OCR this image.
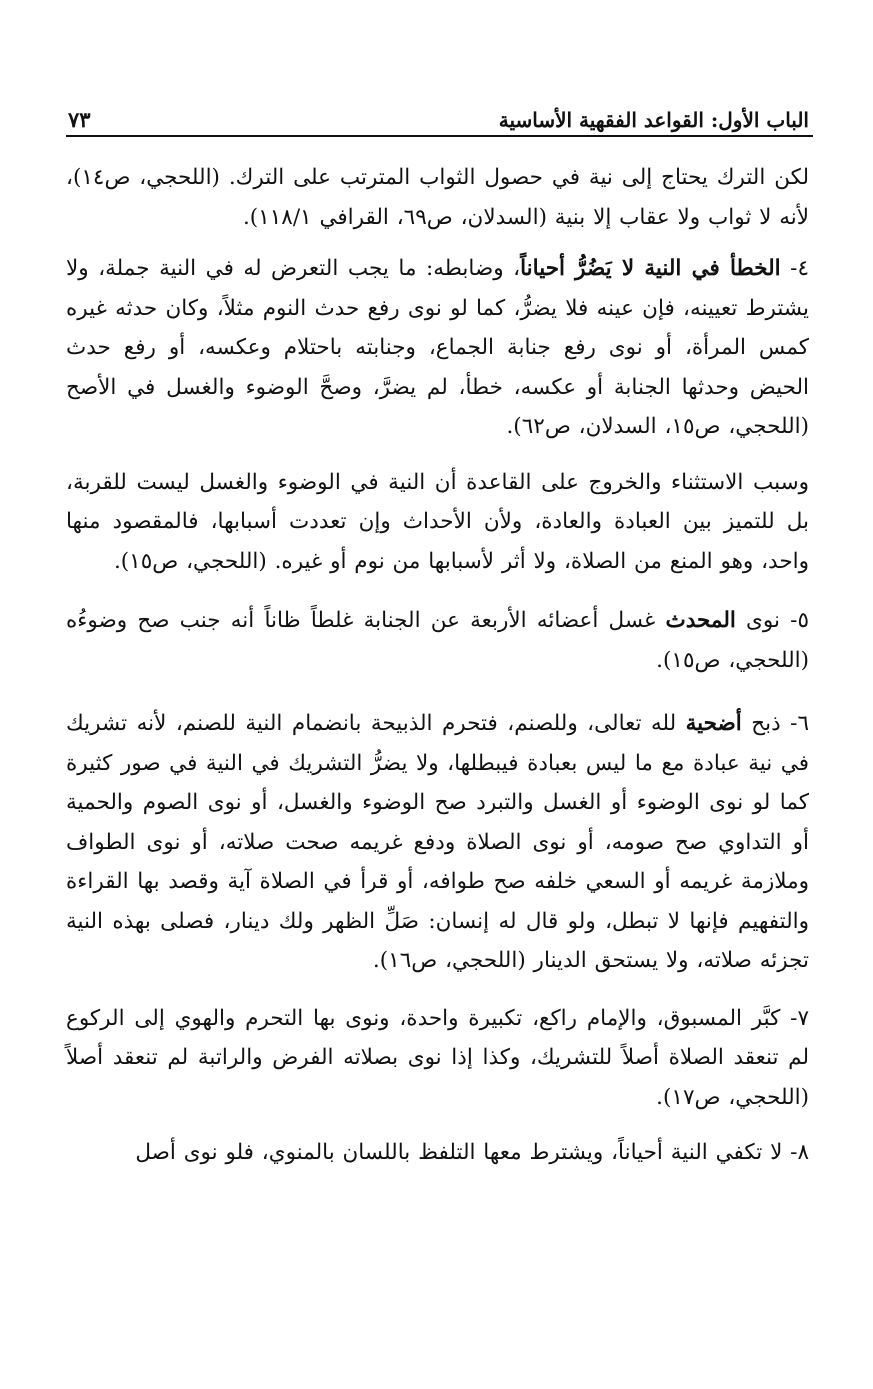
الباب الأول: القواعد الفقهية الأساسية
٧٣

لكن الترك يحتاج إلى نية في حصول الثواب المترتب على الترك. (اللحجي، ص١٤)، لأنه لا ثواب ولا عقاب إلا بنية (السدلان، ص٦٩، القرافي ١١٨/١).

٤- الخطأ في النية لا يَضُرُّ أحياناً، وضابطه: ما يجب التعرض له في النية جملة، ولا يشترط تعيينه، فإن عينه فلا يضرُّ، كما لو نوى رفع حدث النوم مثلاً، وكان حدثه غيره كمس المرأة، أو نوى رفع جنابة الجماع، وجنابته باحتلام وعكسه، أو رفع حدث الحيض وحدثها الجنابة أو عكسه، خطأ، لم يضرَّ، وصحَّ الوضوء والغسل في الأصح (اللحجي، ص١٥، السدلان، ص٦٢).

وسبب الاستثناء والخروج على القاعدة أن النية في الوضوء والغسل ليست للقربة، بل للتميز بين العبادة والعادة، ولأن الأحداث وإن تعددت أسبابها، فالمقصود منها واحد، وهو المنع من الصلاة، ولا أثر لأسبابها من نوم أو غيره. (اللحجي، ص١٥).

٥- نوى المحدث غسل أعضائه الأربعة عن الجنابة غلطاً ظاناً أنه جنب صح وضوءُه (اللحجي، ص١٥).

٦- ذبح أضحية لله تعالى، وللصنم، فتحرم الذبيحة بانضمام النية للصنم، لأنه تشريك في نية عبادة مع ما ليس بعبادة فيبطلها، ولا يضرُّ التشريك في النية في صور كثيرة كما لو نوى الوضوء أو الغسل والتبرد صح الوضوء والغسل، أو نوى الصوم والحمية أو التداوي صح صومه، أو نوى الصلاة ودفع غريمه صحت صلاته، أو نوى الطواف وملازمة غريمه أو السعي خلفه صح طوافه، أو قرأ في الصلاة آية وقصد بها القراءة والتفهيم فإنها لا تبطل، ولو قال له إنسان: صَلِّ الظهر ولك دينار، فصلى بهذه النية تجزئه صلاته، ولا يستحق الدينار (اللحجي، ص١٦).

٧- كبَّر المسبوق، والإمام راكع، تكبيرة واحدة، ونوى بها التحرم والهوي إلى الركوع لم تنعقد الصلاة أصلاً للتشريك، وكذا إذا نوى بصلاته الفرض والراتبة لم تنعقد أصلاً (اللحجي، ص١٧).

٨- لا تكفي النية أحياناً، ويشترط معها التلفظ باللسان بالمنوي، فلو نوى أصل
